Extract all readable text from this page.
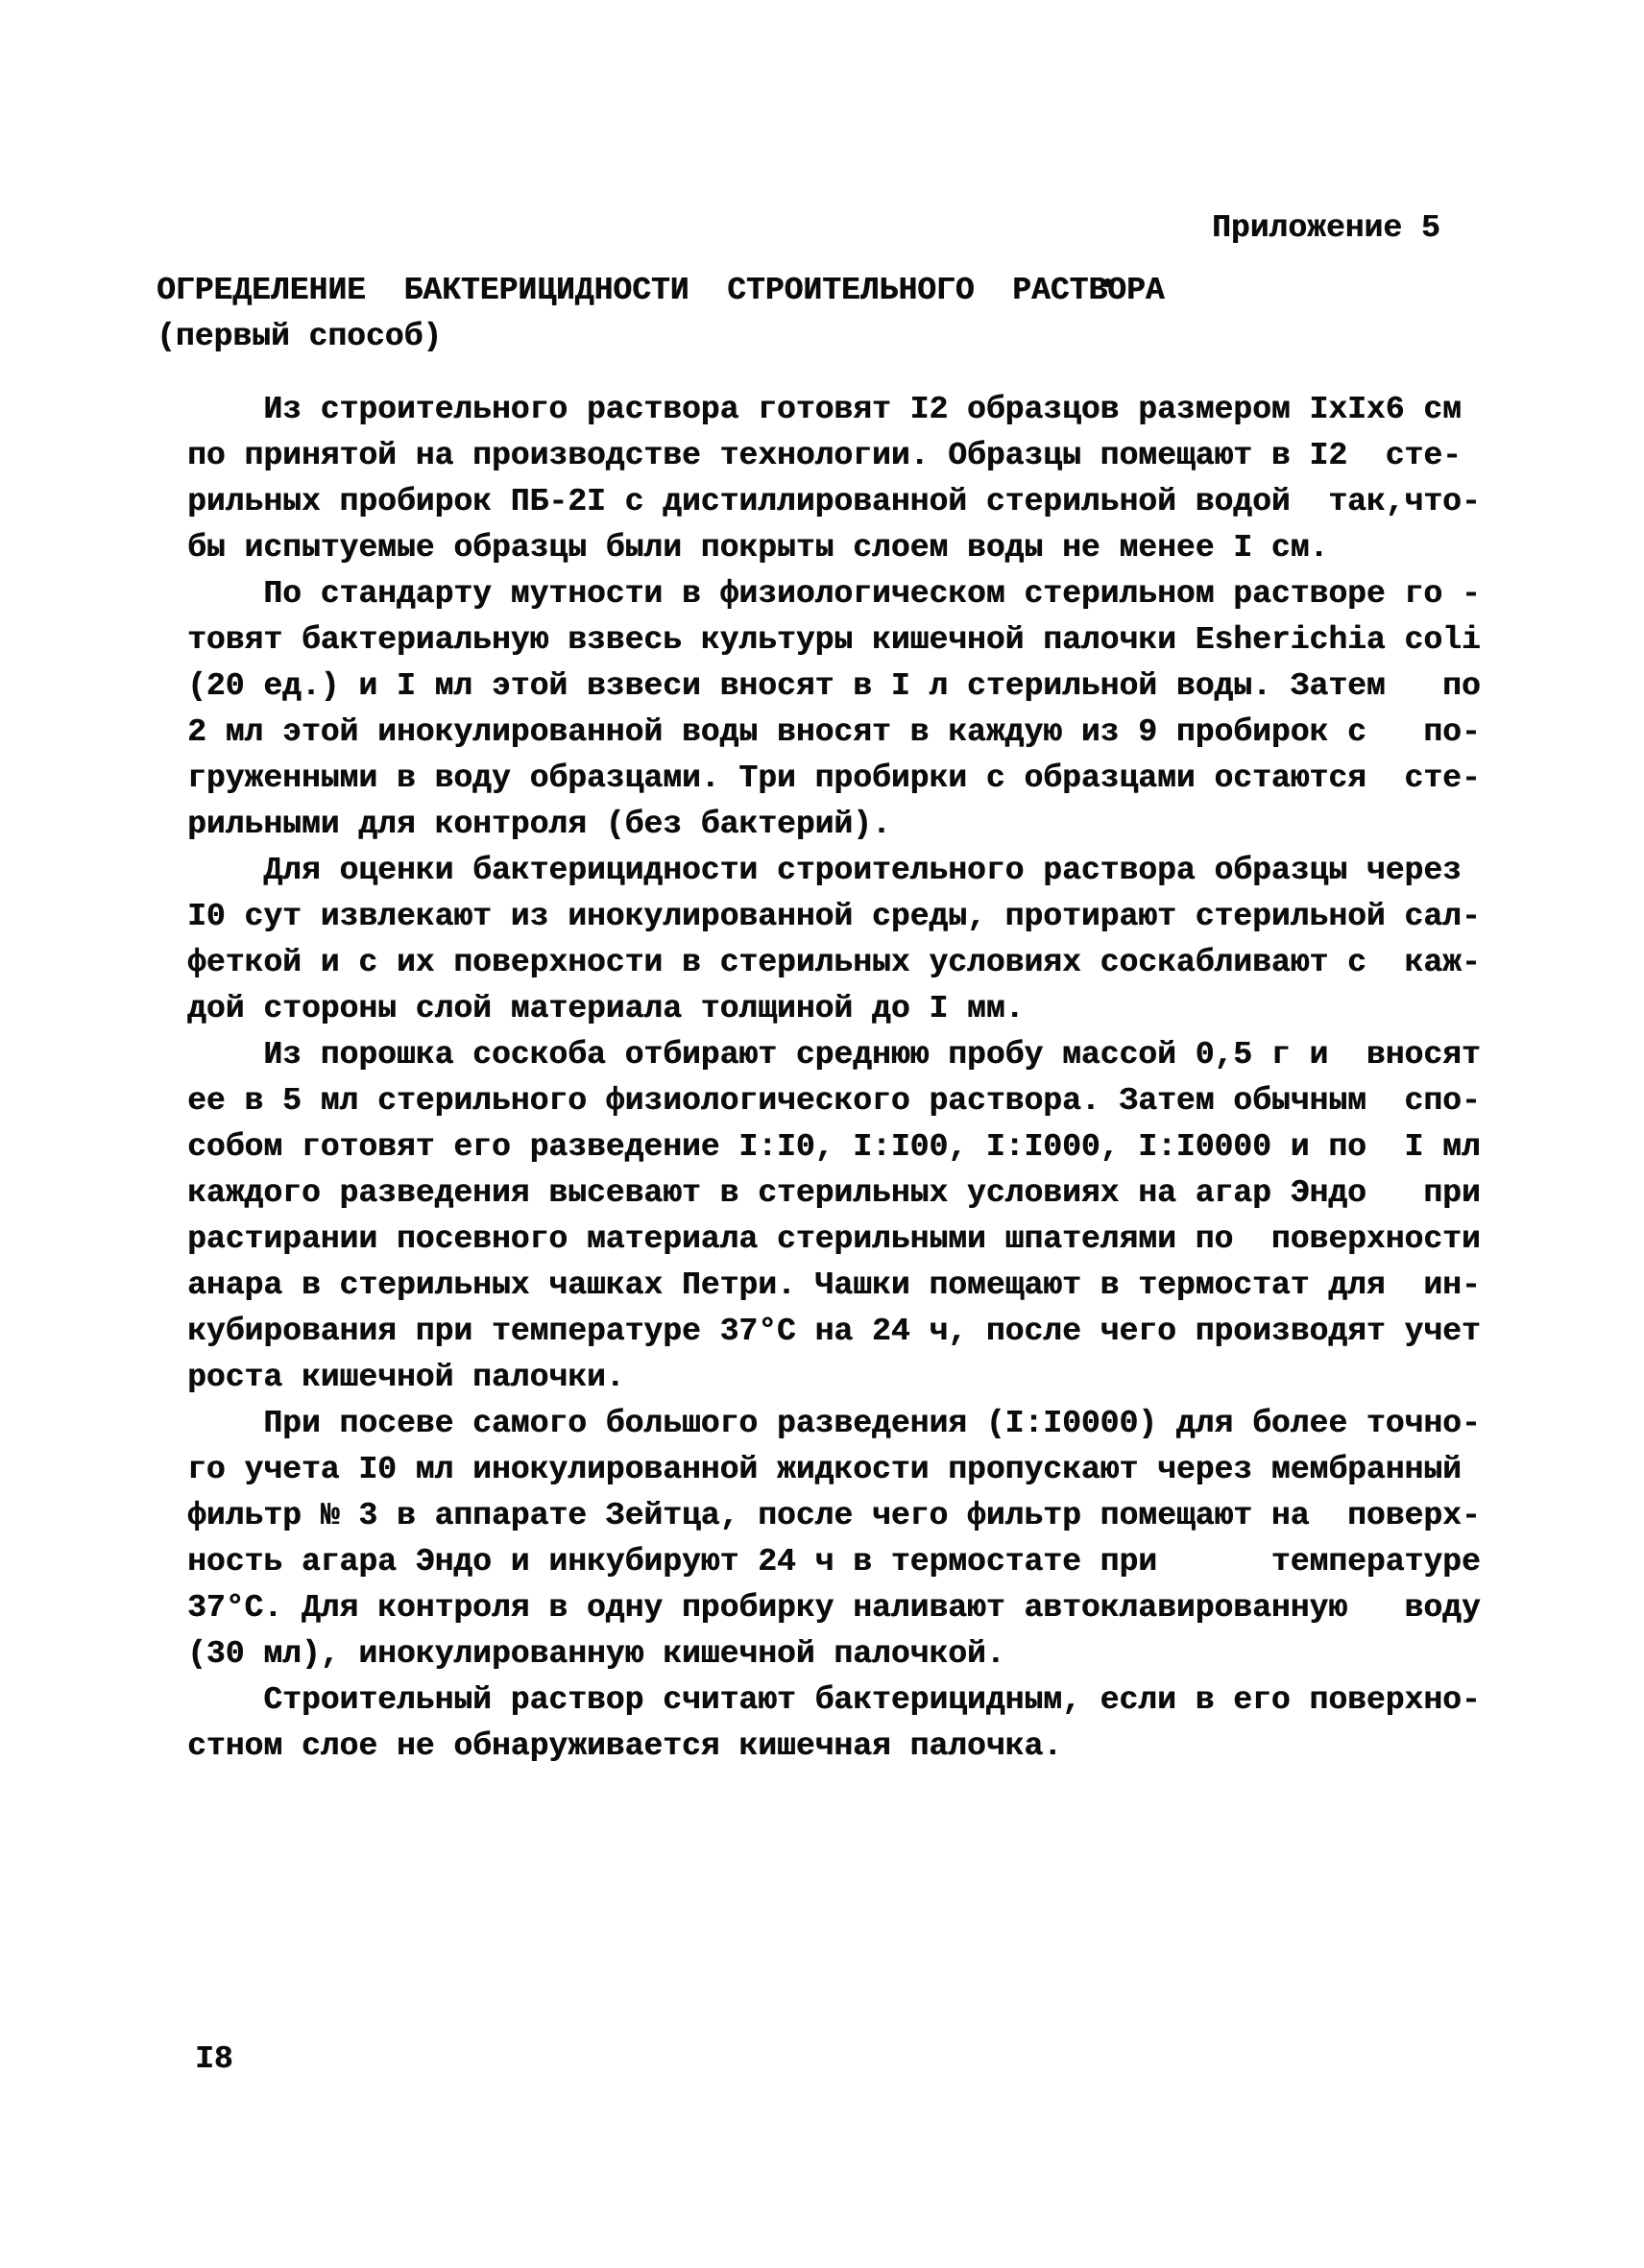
Приложение 5
ОГРЕДЕЛЕНИЕ  БАКТЕРИЦИДНОСТИ  СТРОИТЕЛЬНОГО  РАСТВОРА
(первый способ)
Из строительного раствора готовят I2 образцов размером IxIx6 см
по принятой на производстве технологии. Образцы помещают в I2  сте-
рильных пробирок ПБ-2I с дистиллированной стерильной водой  так,что-
бы испытуемые образцы были покрыты слоем воды не менее I см.
По стандарту мутности в физиологическом стерильном растворе го -
товят бактериальную взвесь культуры кишечной палочки Esherichia coli
(20 ед.) и I мл этой взвеси вносят в I л стерильной воды. Затем   по
2 мл этой инокулированной воды вносят в каждую из 9 пробирок с   по-
груженными в воду образцами. Три пробирки с образцами остаются  сте-
рильными для контроля (без бактерий).
Для оценки бактерицидности строительного раствора образцы через
I0 сут извлекают из инокулированной среды, протирают стерильной сал-
феткой и с их поверхности в стерильных условиях соскабливают с  каж-
дой стороны слой материала толщиной до I мм.
Из порошка соскоба отбирают среднюю пробу массой 0,5 г и  вносят
ее в 5 мл стерильного физиологического раствора. Затем обычным  спо-
собом готовят его разведение I:I0, I:I00, I:I000, I:I0000 и по  I мл
каждого разведения высевают в стерильных условиях на агар Эндо   при
растирании посевного материала стерильными шпателями по  поверхности
анара в стерильных чашках Петри. Чашки помещают в термостат для  ин-
кубирования при температуре 37°С на 24 ч, после чего производят учет
роста кишечной палочки.
При посеве самого большого разведения (I:I0000) для более точно-
го учета I0 мл инокулированной жидкости пропускают через мембранный
фильтр № 3 в аппарате Зейтца, после чего фильтр помещают на  поверх-
ность агара Эндо и инкубируют 24 ч в термостате при      температуре
37°С. Для контроля в одну пробирку наливают автоклавированную   воду
(30 мл), инокулированную кишечной палочкой.
Строительный раствор считают бактерицидным, если в его поверхно-
стном слое не обнаруживается кишечная палочка.
I8
